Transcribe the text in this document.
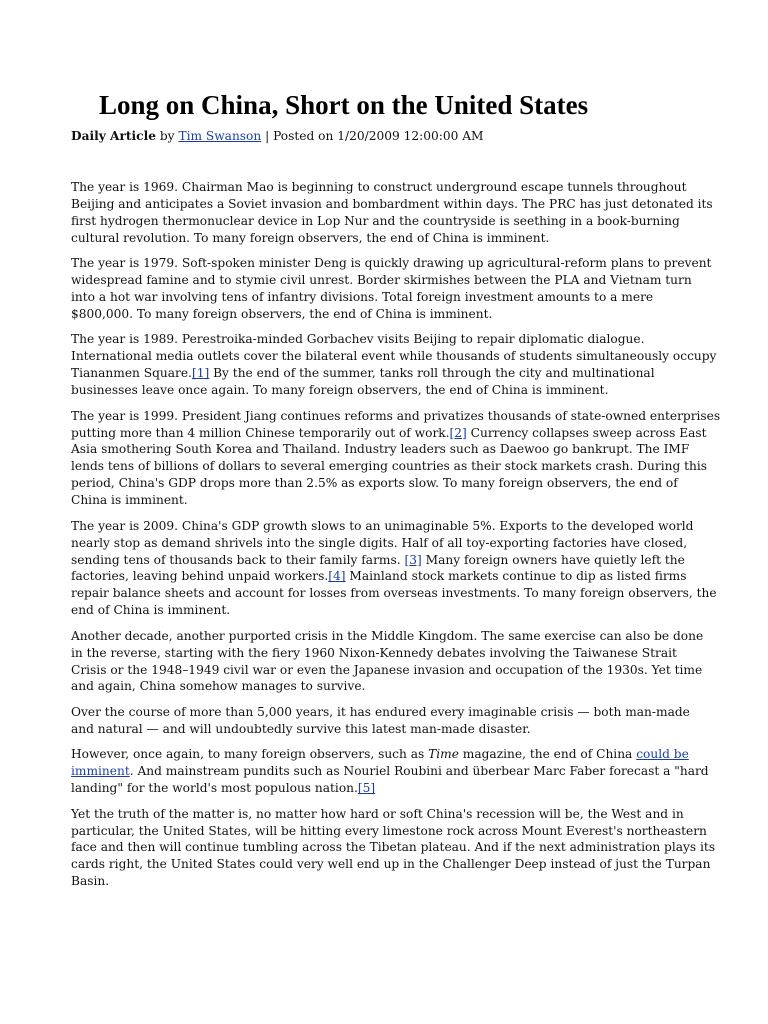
Long on China, Short on the United States
Daily Article by Tim Swanson | Posted on 1/20/2009 12:00:00 AM

The year is 1969. Chairman Mao is beginning to construct underground escape tunnels throughout
Beijing and anticipates a Soviet invasion and bombardment within days. The PRC has just detonated its
first hydrogen thermonuclear device in Lop Nur and the countryside is seething in a book-burning
cultural revolution. To many foreign observers, the end of China is imminent.

The year is 1979. Soft-spoken minister Deng is quickly drawing up agricultural-reform plans to prevent
widespread famine and to stymie civil unrest. Border skirmishes between the PLA and Vietnam turn
into a hot war involving tens of infantry divisions. Total foreign investment amounts to a mere
$800,000. To many foreign observers, the end of China is imminent.

The year is 1989. Perestroika-minded Gorbachev visits Beijing to repair diplomatic dialogue.
International media outlets cover the bilateral event while thousands of students simultaneously occupy
Tiananmen Square.[1] By the end of the summer, tanks roll through the city and multinational
businesses leave once again. To many foreign observers, the end of China is imminent.

The year is 1999. President Jiang continues reforms and privatizes thousands of state-owned enterprises
putting more than 4 million Chinese temporarily out of work.[2] Currency collapses sweep across East
Asia smothering South Korea and Thailand. Industry leaders such as Daewoo go bankrupt. The IMF
lends tens of billions of dollars to several emerging countries as their stock markets crash. During this
period, China's GDP drops more than 2.5% as exports slow. To many foreign observers, the end of
China is imminent.

The year is 2009. China's GDP growth slows to an unimaginable 5%. Exports to the developed world
nearly stop as demand shrivels into the single digits. Half of all toy-exporting factories have closed,
sending tens of thousands back to their family farms. [3] Many foreign owners have quietly left the
factories, leaving behind unpaid workers.[4] Mainland stock markets continue to dip as listed firms
repair balance sheets and account for losses from overseas investments. To many foreign observers, the
end of China is imminent.

Another decade, another purported crisis in the Middle Kingdom. The same exercise can also be done
in the reverse, starting with the fiery 1960 Nixon-Kennedy debates involving the Taiwanese Strait
Crisis or the 1948–1949 civil war or even the Japanese invasion and occupation of the 1930s. Yet time
and again, China somehow manages to survive.

Over the course of more than 5,000 years, it has endured every imaginable crisis — both man-made
and natural — and will undoubtedly survive this latest man-made disaster.

However, once again, to many foreign observers, such as Time magazine, the end of China could be
imminent. And mainstream pundits such as Nouriel Roubini and überbear Marc Faber forecast a "hard
landing" for the world's most populous nation.[5]

Yet the truth of the matter is, no matter how hard or soft China's recession will be, the West and in
particular, the United States, will be hitting every limestone rock across Mount Everest's northeastern
face and then will continue tumbling across the Tibetan plateau. And if the next administration plays its
cards right, the United States could very well end up in the Challenger Deep instead of just the Turpan
Basin.
